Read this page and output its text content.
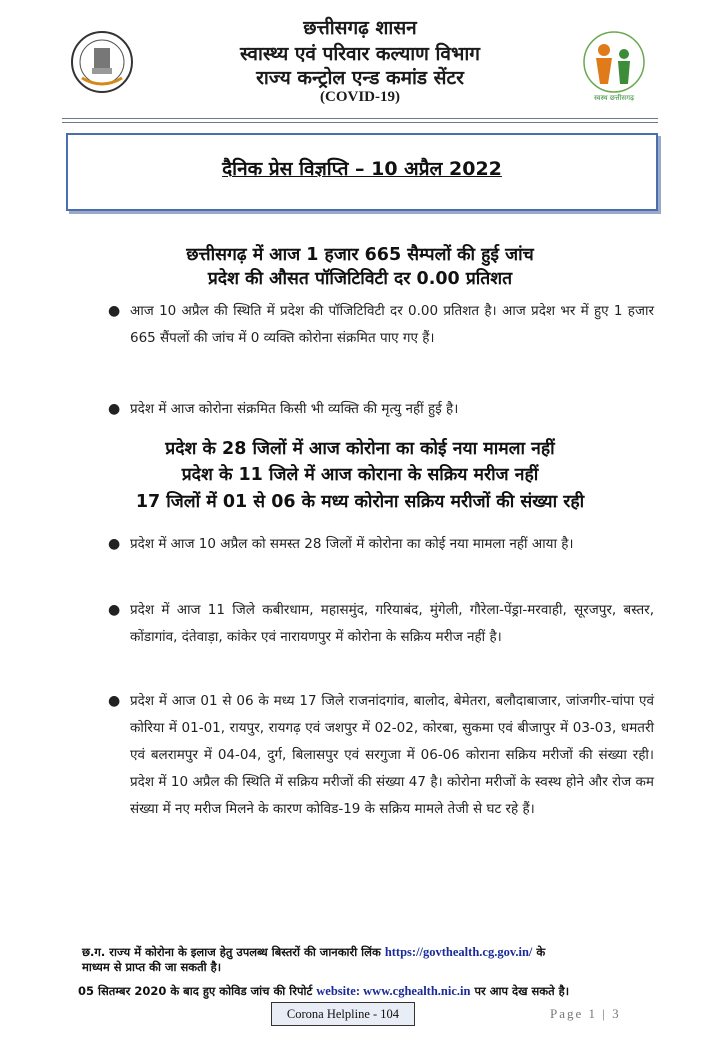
स्वस्थ छत्तीसगढ़
छत्तीसगढ़ शासन
स्वास्थ्य एवं परिवार कल्याण विभाग
राज्य कन्ट्रोल एन्ड कमांड सेंटर
(COVID-19)
दैनिक प्रेस विज्ञप्ति – 10 अप्रैल 2022
छत्तीसगढ़ में आज 1 हजार 665 सैम्पलों की हुई जांच
प्रदेश की औसत पॉजिटिविटी दर 0.00 प्रतिशत
● आज 10 अप्रैल की स्थिति में प्रदेश की पॉजिटिविटी दर 0.00 प्रतिशत है। आज प्रदेश भर में हुए 1 हजार 665 सैंपलों की जांच में 0 व्यक्ति कोरोना संक्रमित पाए गए हैं।
● प्रदेश में आज कोरोना संक्रमित किसी भी व्यक्ति की मृत्यु नहीं हुई है।
प्रदेश के 28 जिलों में आज कोरोना का कोई नया मामला नहीं
प्रदेश के 11 जिले में आज कोराना के सक्रिय मरीज नहीं
17 जिलों में 01 से 06 के मध्य कोरोना सक्रिय मरीजों की संख्या रही
● प्रदेश में आज 10 अप्रैल को समस्त 28 जिलों में कोरोना का कोई नया मामला नहीं आया है।
● प्रदेश में आज 11 जिले कबीरधाम, महासमुंद, गरियाबंद, मुंगेली, गौरेला-पेंड्रा-मरवाही, सूरजपुर, बस्तर, कोंडागांव, दंतेवाड़ा, कांकेर एवं नारायणपुर में कोरोना के सक्रिय मरीज नहीं है।
● प्रदेश में आज 01 से 06 के मध्य 17 जिले राजनांदगांव, बालोद, बेमेतरा, बलौदाबाजार, जांजगीर-चांपा एवं कोरिया में 01-01, रायपुर, रायगढ़ एवं जशपुर में 02-02, कोरबा, सुकमा एवं बीजापुर में 03-03, धमतरी एवं बलरामपुर में 04-04, दुर्ग, बिलासपुर एवं सरगुजा में 06-06 कोराना सक्रिय मरीजों की संख्या रही। प्रदेश में 10 अप्रैल की स्थिति में सक्रिय मरीजों की संख्या 47 है। कोरोना मरीजों के स्वस्थ होने और रोज कम संख्या में नए मरीज मिलने के कारण कोविड-19 के सक्रिय मामले तेजी से घट रहे हैं।
छ.ग. राज्य में कोरोना के इलाज हेतु उपलब्ध बिस्तरों की जानकारी लिंक https://govthealth.cg.gov.in/ के
माध्यम से प्राप्त की जा सकती है।
05 सितम्बर 2020 के बाद हुए कोविड जांच की रिपोर्ट website: www.cghealth.nic.in पर आप देख सकते है।
Corona Helpline - 104	Page 1 | 3
